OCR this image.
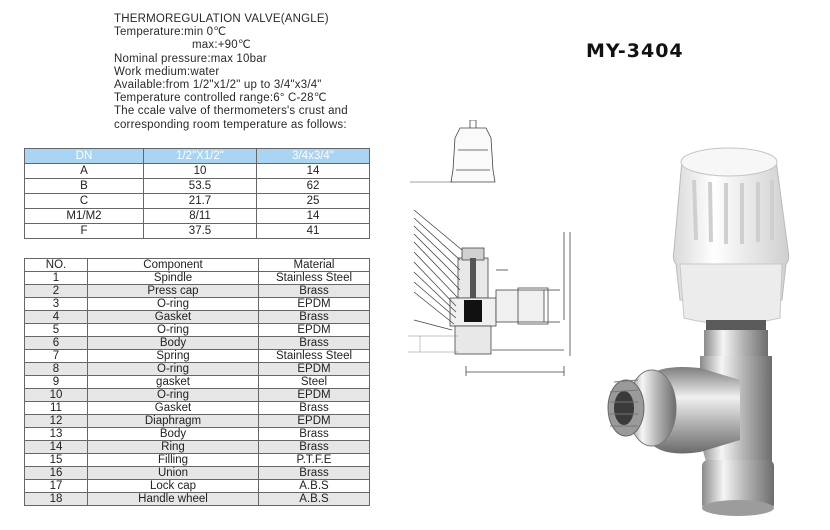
THERMOREGULATION VALVE(ANGLE)
Temperature:min 0℃
max:+90℃
Nominal pressure:max 10bar
Work medium:water
Available:from 1/2"x1/2" up to 3/4"x3/4"
Temperature controlled range:6° C-28℃
The ccale valve of thermometers's crust and
corresponding room temperature as follows:
MY-3404
DN	1/2"X1/2"	3/4x3/4"
A	10	14
B	53.5	62
C	21.7	25
M1/M2	8/11	14
F	37.5	41
NO.	Component	Material
1	Spindle	Stainless Steel
2	Press cap	Brass
3	O-ring	EPDM
4	Gasket	Brass
5	O-ring	EPDM
6	Body	Brass
7	Spring	Stainless Steel
8	O-ring	EPDM
9	gasket	Steel
10	O-ring	EPDM
11	Gasket	Brass
12	Diaphragm	EPDM
13	Body	Brass
14	Ring	Brass
15	Filling	P.T.F.E
16	Union	Brass
17	Lock cap	A.B.S
18	Handle wheel	A.B.S
